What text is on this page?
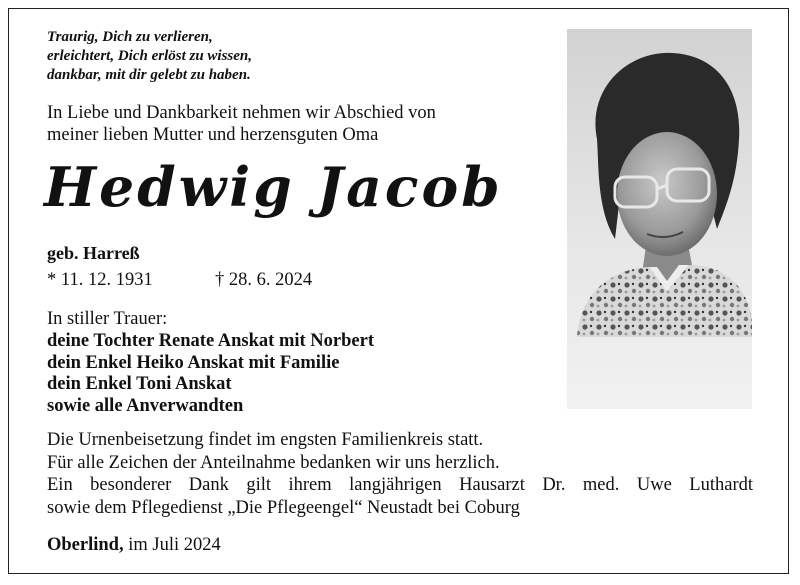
Traurig, Dich zu verlieren,
erleichtert, Dich erlöst zu wissen,
dankbar, mit dir gelebt zu haben.
In Liebe und Dankbarkeit nehmen wir Abschied von
meiner lieben Mutter und herzensguten Oma
Hedwig Jacob
geb. Harreß
* 11. 12. 1931	† 28. 6. 2024
In stiller Trauer:
deine Tochter Renate Anskat mit Norbert
dein Enkel Heiko Anskat mit Familie
dein Enkel Toni Anskat
sowie alle Anverwandten
Die Urnenbeisetzung findet im engsten Familienkreis statt.
Für alle Zeichen der Anteilnahme bedanken wir uns herzlich.
Ein besonderer Dank gilt ihrem langjährigen Hausarzt Dr. med. Uwe Luthardt
sowie dem Pflegedienst „Die Pflegeengel“ Neustadt bei Coburg
Oberlind, im Juli 2024
